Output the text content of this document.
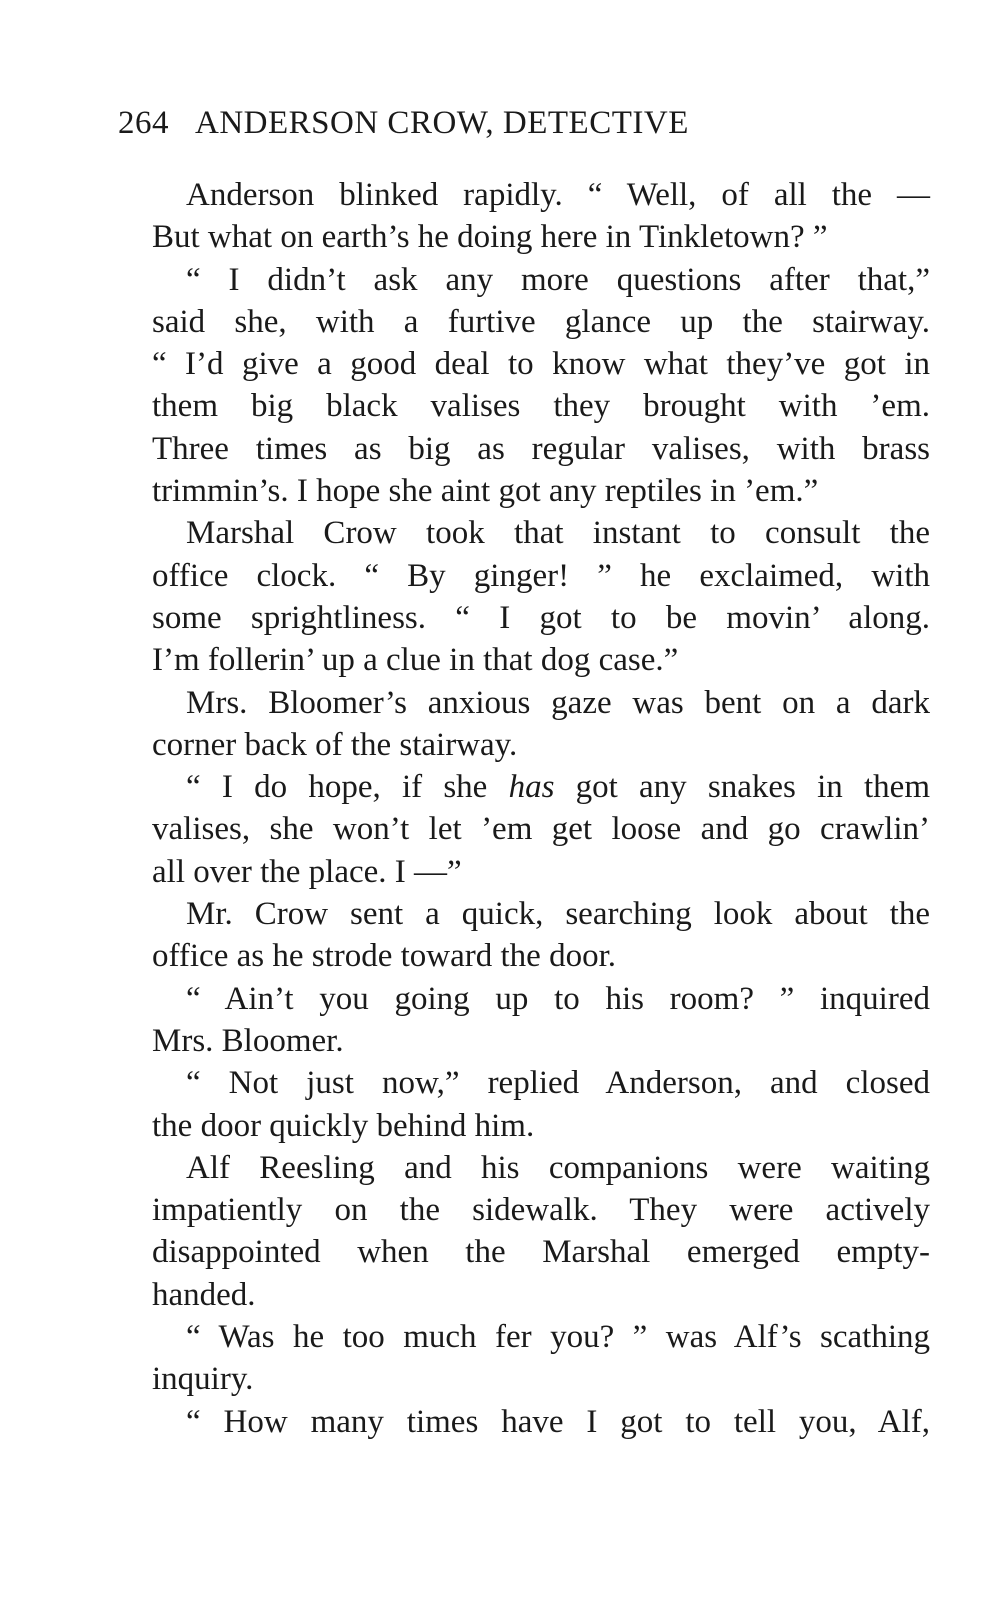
264 ANDERSON CROW, DETECTIVE

Anderson blinked rapidly. “ Well, of all the —
But what on earth’s he doing here in Tinkletown? ”

“ I didn’t ask any more questions after that,”
said she, with a furtive glance up the stairway.
“ I’d give a good deal to know what they’ve got in
them big black valises they brought with ’em.
Three times as big as regular valises, with brass
trimmin’s. I hope she aint got any reptiles in ’em.”

Marshal Crow took that instant to consult the
office clock. “ By ginger! ” he exclaimed, with
some sprightliness. “ I got to be movin’ along.
I’m follerin’ up a clue in that dog case.”

Mrs. Bloomer’s anxious gaze was bent on a dark
corner back of the stairway.

“ I do hope, if she has got any snakes in them
valises, she won’t let ’em get loose and go crawlin’
all over the place. I —”

Mr. Crow sent a quick, searching look about the
office as he strode toward the door.

“ Ain’t you going up to his room? ” inquired
Mrs. Bloomer.

“ Not just now,” replied Anderson, and closed
the door quickly behind him.

Alf Reesling and his companions were waiting
impatiently on the sidewalk. They were actively
disappointed when the Marshal emerged empty-
handed.

“ Was he too much fer you? ” was Alf’s scathing
inquiry.

“ How many times have I got to tell you, Alf,
